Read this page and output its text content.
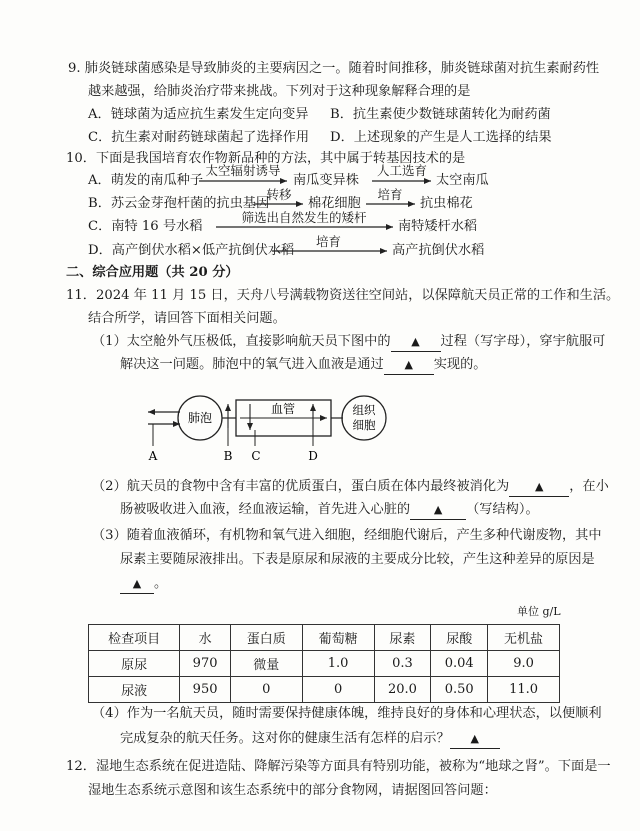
9. 肺炎链球菌感染是导致肺炎的主要病因之一。随着时间推移，肺炎链球菌对抗生素耐药性
越来越强，给肺炎治疗带来挑战。下列对于这种现象解释合理的是
A．链球菌为适应抗生素发生定向变异 B．抗生素使少数链球菌转化为耐药菌
C．抗生素对耐药链球菌起了选择作用 D．上述现象的产生是人工选择的结果
10．下面是我国培育农作物新品种的方法，其中属于转基因技术的是
A．萌发的南瓜种子
太空辐射诱导
南瓜变异株
人工选育
太空南瓜
B．苏云金芽孢杆菌的抗虫基因
转移
棉花细胞
培育
抗虫棉花
C．南特 16 号水稻
筛选出自然发生的矮杆
南特矮杆水稻
D．高产倒伏水稻×低产抗倒伏水稻
培育
高产抗倒伏水稻
二、综合应用题（共 20 分）
11．2024 年 11 月 15 日，天舟八号满载物资送往空间站，以保障航天员正常的工作和生活。
结合所学，请回答下面相关问题。
（1）太空舱外气压极低，直接影响航天员下图中的 ▲ 过程（写字母），穿宇航服可
解决这一问题。肺泡中的氧气进入血液是通过 ▲ 实现的。
肺泡
血管	组织
细胞
A	B C	D
（2）航天员的食物中含有丰富的优质蛋白，蛋白质在体内最终被消化为 ▲ ，在小
肠被吸收进入血液，经血液运输，首先进入心脏的 ▲ （写结构）。
（3）随着血液循环，有机物和氧气进入细胞，经细胞代谢后，产生多种代谢废物，其中
尿素主要随尿液排出。下表是原尿和尿液的主要成分比较，产生这种差异的原因是
▲ 。
单位 g/L
检查项目	水	蛋白质	葡萄糖	尿素	尿酸	无机盐
原尿	970	微量	1.0	0.3	0.04	9.0
尿液	950	0	0	20.0	0.50	11.0
（4）作为一名航天员，随时需要保持健康体魄，维持良好的身体和心理状态，以便顺利
完成复杂的航天任务。这对你的健康生活有怎样的启示？ ▲
12．湿地生态系统在促进造陆、降解污染等方面具有特别功能，被称为“地球之肾”。下面是一
湿地生态系统示意图和该生态系统中的部分食物网，请据图回答问题：
